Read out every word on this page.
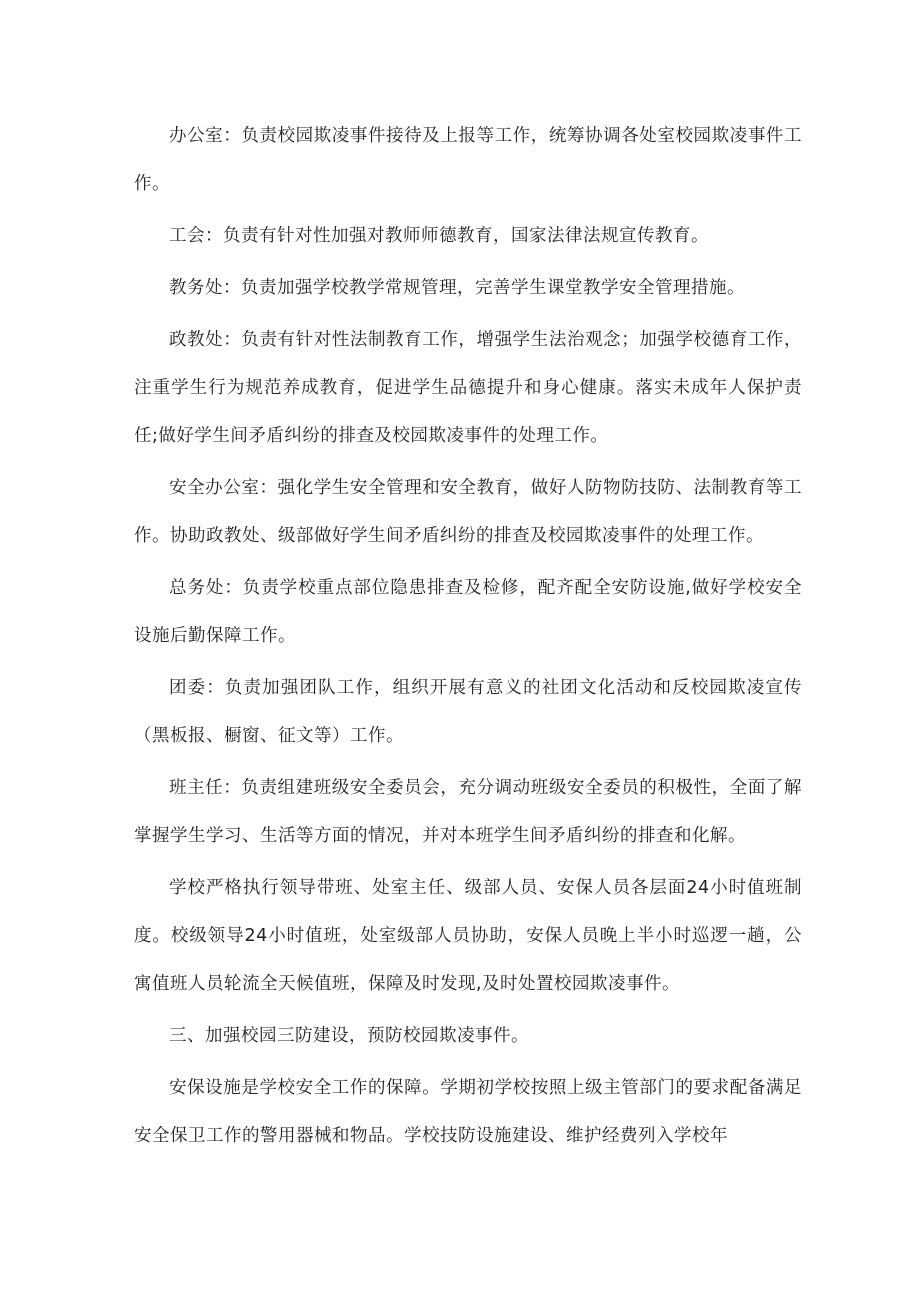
办公室：负责校园欺凌事件接待及上报等工作，统筹协调各处室校园欺凌事件工作。

工会：负责有针对性加强对教师师德教育，国家法律法规宣传教育。

教务处：负责加强学校教学常规管理，完善学生课堂教学安全管理措施。

政教处：负责有针对性法制教育工作，增强学生法治观念；加强学校德育工作，注重学生行为规范养成教育，促进学生品德提升和身心健康。落实未成年人保护责任;做好学生间矛盾纠纷的排查及校园欺凌事件的处理工作。

安全办公室：强化学生安全管理和安全教育，做好人防物防技防、法制教育等工作。协助政教处、级部做好学生间矛盾纠纷的排查及校园欺凌事件的处理工作。

总务处：负责学校重点部位隐患排查及检修，配齐配全安防设施,做好学校安全设施后勤保障工作。

团委：负责加强团队工作，组织开展有意义的社团文化活动和反校园欺凌宣传（黑板报、橱窗、征文等）工作。

班主任：负责组建班级安全委员会，充分调动班级安全委员的积极性，全面了解掌握学生学习、生活等方面的情况，并对本班学生间矛盾纠纷的排查和化解。

学校严格执行领导带班、处室主任、级部人员、安保人员各层面24小时值班制度。校级领导24小时值班，处室级部人员协助，安保人员晚上半小时巡逻一趟，公寓值班人员轮流全天候值班，保障及时发现,及时处置校园欺凌事件。

三、加强校园三防建设，预防校园欺凌事件。

安保设施是学校安全工作的保障。学期初学校按照上级主管部门的要求配备满足安全保卫工作的警用器械和物品。学校技防设施建设、维护经费列入学校年
